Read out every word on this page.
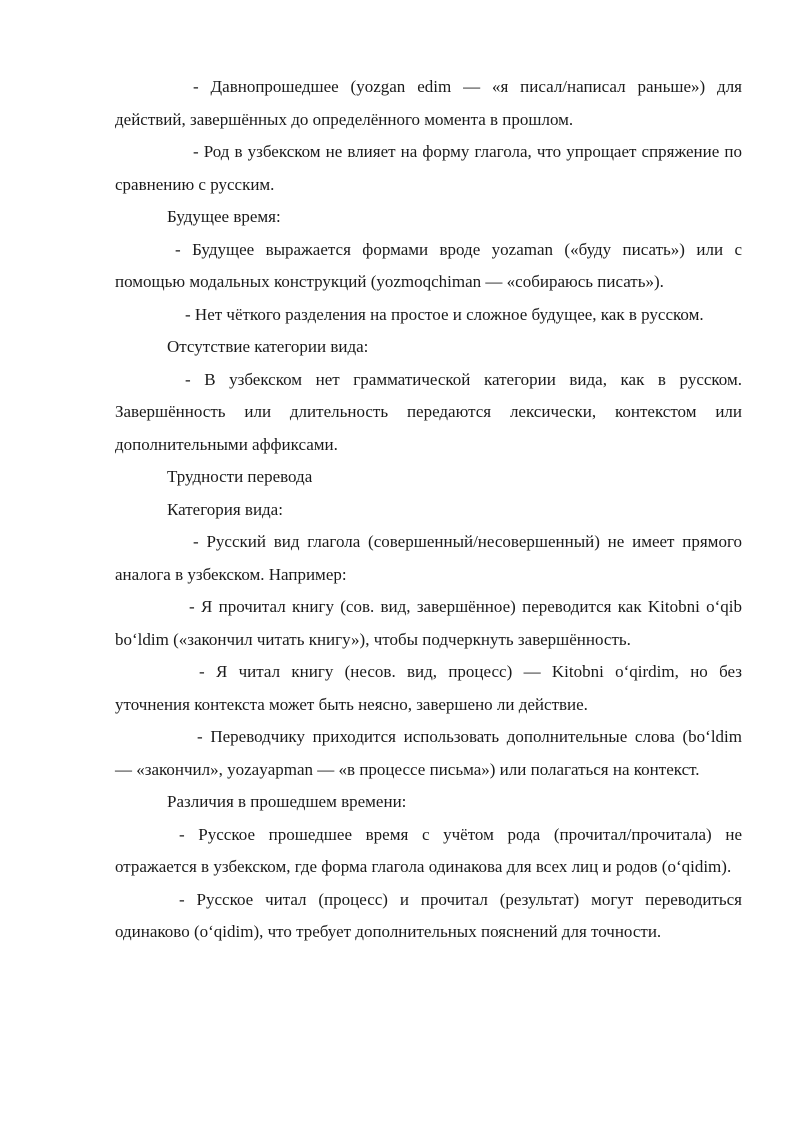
- Давнопрошедшее (yozgan edim — «я писал/написал раньше») для действий, завершённых до определённого момента в прошлом.

- Род в узбекском не влияет на форму глагола, что упрощает спряжение по сравнению с русским.

Будущее время:

- Будущее выражается формами вроде yozaman («буду писать») или с помощью модальных конструкций (yozmoqchiman — «собираюсь писать»).

- Нет чёткого разделения на простое и сложное будущее, как в русском.

Отсутствие категории вида:

- В узбекском нет грамматической категории вида, как в русском. Завершённость или длительность передаются лексически, контекстом или дополнительными аффиксами.

Трудности перевода

Категория вида:

- Русский вид глагола (совершенный/несовершенный) не имеет прямого аналога в узбекском. Например:

- Я прочитал книгу (сов. вид, завершённое) переводится как Kitobni oʻqib boʻldim («закончил читать книгу»), чтобы подчеркнуть завершённость.

- Я читал книгу (несов. вид, процесс) — Kitobni oʻqirdim, но без уточнения контекста может быть неясно, завершено ли действие.

- Переводчику приходится использовать дополнительные слова (boʻldim — «закончил», yozayapman — «в процессе письма») или полагаться на контекст.

Различия в прошедшем времени:

- Русское прошедшее время с учётом рода (прочитал/прочитала) не отражается в узбекском, где форма глагола одинакова для всех лиц и родов (oʻqidim).

- Русское читал (процесс) и прочитал (результат) могут переводиться одинаково (oʻqidim), что требует дополнительных пояснений для точности.
